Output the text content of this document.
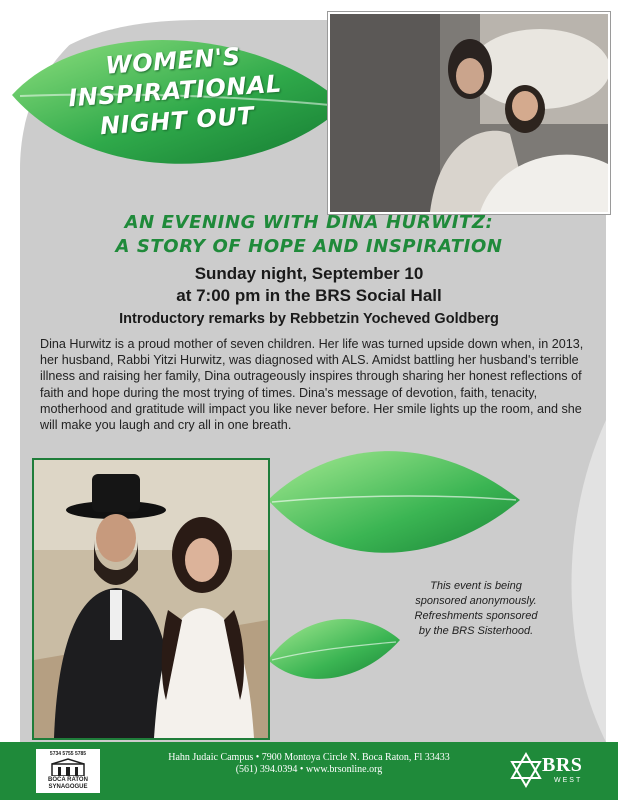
WOMEN'S
INSPIRATIONAL
NIGHT OUT
AN EVENING WITH DINA HURWITZ:
A STORY OF HOPE AND INSPIRATION
Sunday night, September 10
at 7:00 pm in the BRS Social Hall
Introductory remarks by Rebbetzin Yocheved Goldberg
Dina Hurwitz is a proud mother of seven children. Her life was turned upside down when, in 2013, her husband, Rabbi Yitzi Hurwitz, was diagnosed with ALS. Amidst battling her husband's terrible illness and raising her family, Dina outrageously inspires through sharing her honest reflections of faith and hope during the most trying of times. Dina's message of devotion, faith, tenacity, motherhood and gratitude will impact you like never before. Her smile lights up the room, and she will make you laugh and cry all in one breath.
This event is being
sponsored anonymously.
Refreshments sponsored
by the BRS Sisterhood.
5734 5755 5785
BOCA RATON
SYNAGOGUE
Hahn Judaic Campus • 7900 Montoya Circle N. Boca Raton, Fl 33433
(561) 394.0394 • www.brsonline.org	BRS
WEST
